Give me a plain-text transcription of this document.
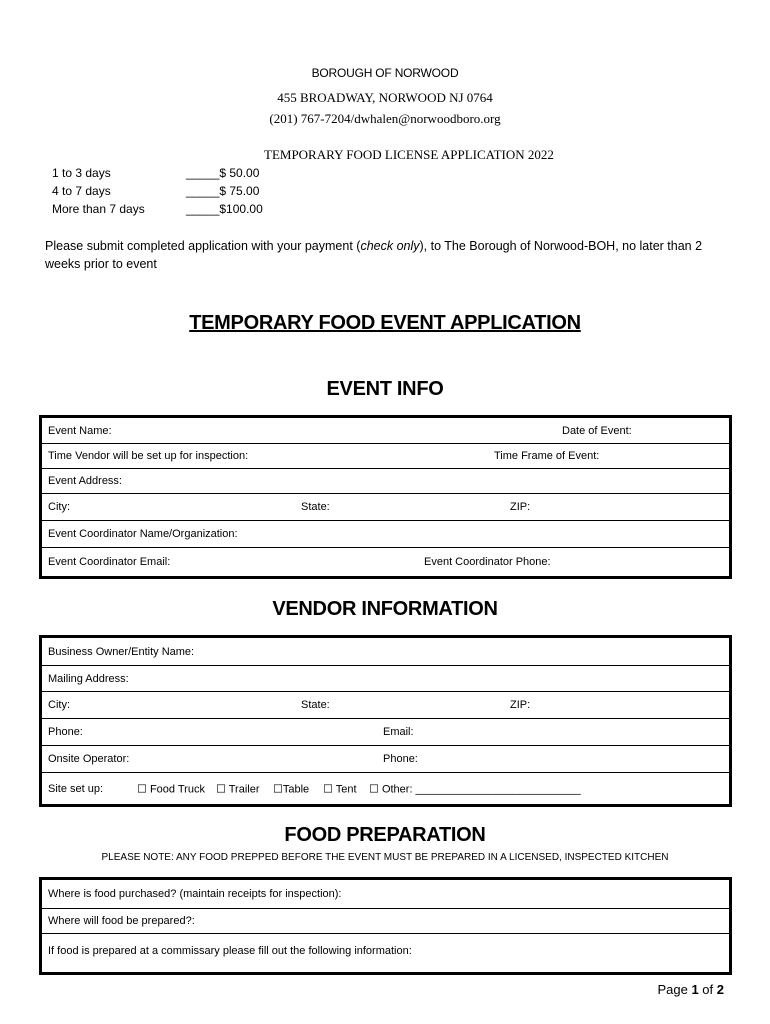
BOROUGH OF NORWOOD
455 BROADWAY, NORWOOD NJ 0764
(201) 767-7204/dwhalen@norwoodboro.org
TEMPORARY FOOD LICENSE APPLICATION 2022
1 to 3 days	_____$ 50.00
4 to 7 days	_____$ 75.00
More than 7 days	_____$100.00
Please submit completed application with your payment (check only), to The Borough of Norwood-BOH, no later than 2 weeks prior to event
TEMPORARY FOOD EVENT APPLICATION
EVENT INFO
Event Name:	Date of Event:
Time Vendor will be set up for inspection:	Time Frame of Event:
Event Address:
City:	State:	ZIP:
Event Coordinator Name/Organization:
Event Coordinator Email:	Event Coordinator Phone:
VENDOR INFORMATION
Business Owner/Entity Name:
Mailing Address:
City:	State:	ZIP:
Phone:	Email:
Onsite Operator:	Phone:
Site set up:	☐ Food Truck ☐ Trailer ☐Table ☐ Tent ☐ Other: ___________________________
FOOD PREPARATION
PLEASE NOTE: ANY FOOD PREPPED BEFORE THE EVENT MUST BE PREPARED IN A LICENSED, INSPECTED KITCHEN
Where is food purchased? (maintain receipts for inspection):
Where will food be prepared?:
If food is prepared at a commissary please fill out the following information:
Page 1 of 2
